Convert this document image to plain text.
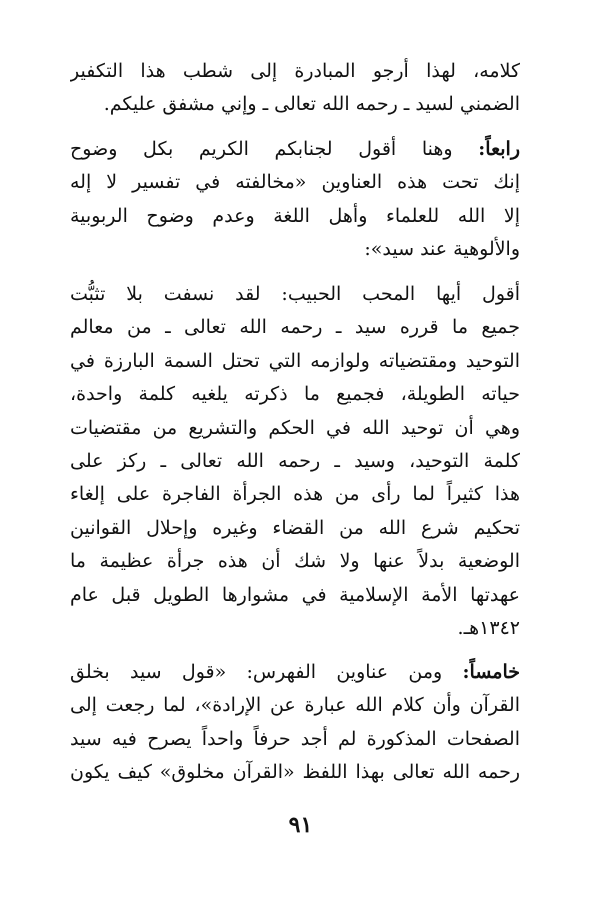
كلامه، لهذا أرجو المبادرة إلى شطب هذا التكفير
الضمني لسيد ـ رحمه الله تعالى ـ وإني مشفق عليكم.
رابعاً: وهنا أقول لجنابكم الكريم بكل وضوح
إنك تحت هذه العناوين «مخالفته في تفسير لا إله
إلا الله للعلماء وأهل اللغة وعدم وضوح الربوبية
والألوهية عند سيد»:
أقول أيها المحب الحبيب: لقد نسفت بلا تثبُّت
جميع ما قرره سيد ـ رحمه الله تعالى ـ من معالم
التوحيد ومقتضياته ولوازمه التي تحتل السمة البارزة في
حياته الطويلة، فجميع ما ذكرته يلغيه كلمة واحدة،
وهي أن توحيد الله في الحكم والتشريع من مقتضيات
كلمة التوحيد، وسيد ـ رحمه الله تعالى ـ ركز على
هذا كثيراً لما رأى من هذه الجرأة الفاجرة على إلغاء
تحكيم شرع الله من القضاء وغيره وإحلال القوانين
الوضعية بدلاً عنها ولا شك أن هذه جرأة عظيمة ما
عهدتها الأمة الإسلامية في مشوارها الطويل قبل عام
١٣٤٢هـ.
خامساً: ومن عناوين الفهرس: «قول سيد بخلق
القرآن وأن كلام الله عبارة عن الإرادة»، لما رجعت إلى
الصفحات المذكورة لم أجد حرفاً واحداً يصرح فيه سيد
رحمه الله تعالى بهذا اللفظ «القرآن مخلوق» كيف يكون
٩١
